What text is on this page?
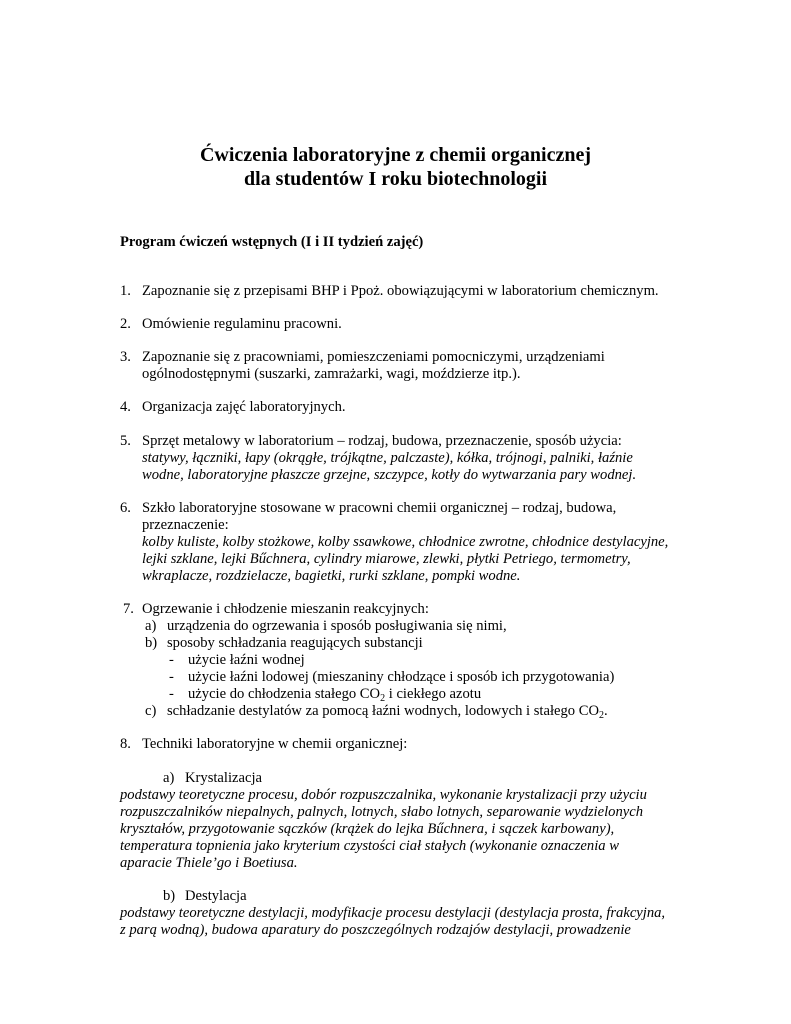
Ćwiczenia laboratoryjne z chemii organicznej
dla studentów I roku biotechnologii
Program ćwiczeń wstępnych (I i II tydzień zajęć)
1. Zapoznanie się z przepisami BHP i Ppoż. obowiązującymi w laboratorium chemicznym.
2. Omówienie regulaminu pracowni.
3. Zapoznanie się z pracowniami, pomieszczeniami pomocniczymi, urządzeniami
ogólnodostępnymi (suszarki, zamrażarki, wagi, moździerze itp.).
4. Organizacja zajęć laboratoryjnych.
5. Sprzęt metalowy w laboratorium – rodzaj, budowa, przeznaczenie, sposób użycia:
statywy, łączniki, łapy (okrągłe, trójkątne, palczaste), kółka, trójnogi, palniki, łaźnie
wodne, laboratoryjne płaszcze grzejne, szczypce, kotły do wytwarzania pary wodnej.
6. Szkło laboratoryjne stosowane w pracowni chemii organicznej – rodzaj, budowa,
przeznaczenie:
kolby kuliste, kolby stożkowe, kolby ssawkowe, chłodnice zwrotne, chłodnice destylacyjne,
lejki szklane, lejki Bűchnera, cylindry miarowe, zlewki, płytki Petriego, termometry,
wkraplacze, rozdzielacze, bagietki, rurki szklane, pompki wodne.
7. Ogrzewanie i chłodzenie mieszanin reakcyjnych:
a) urządzenia do ogrzewania i sposób posługiwania się nimi,
b) sposoby schładzania reagujących substancji
- użycie łaźni wodnej
- użycie łaźni lodowej (mieszaniny chłodzące i sposób ich przygotowania)
- użycie do chłodzenia stałego $CO_2$ i ciekłego azotu
c) schładzanie destylatów za pomocą łaźni wodnych, lodowych i stałego $CO_2$.
8. Techniki laboratoryjne w chemii organicznej:
a) Krystalizacja
podstawy teoretyczne procesu, dobór rozpuszczalnika, wykonanie krystalizacji przy użyciu
rozpuszczalników niepalnych, palnych, lotnych, słabo lotnych, separowanie wydzielonych
kryształów, przygotowanie sączków (krążek do lejka Bűchnera, i sączek karbowany),
temperatura topnienia jako kryterium czystości ciał stałych (wykonanie oznaczenia w
aparacie Thiele’go i Boetiusa.
b) Destylacja
podstawy teoretyczne destylacji, modyfikacje procesu destylacji (destylacja prosta, frakcyjna,
z parą wodną), budowa aparatury do poszczególnych rodzajów destylacji, prowadzenie
